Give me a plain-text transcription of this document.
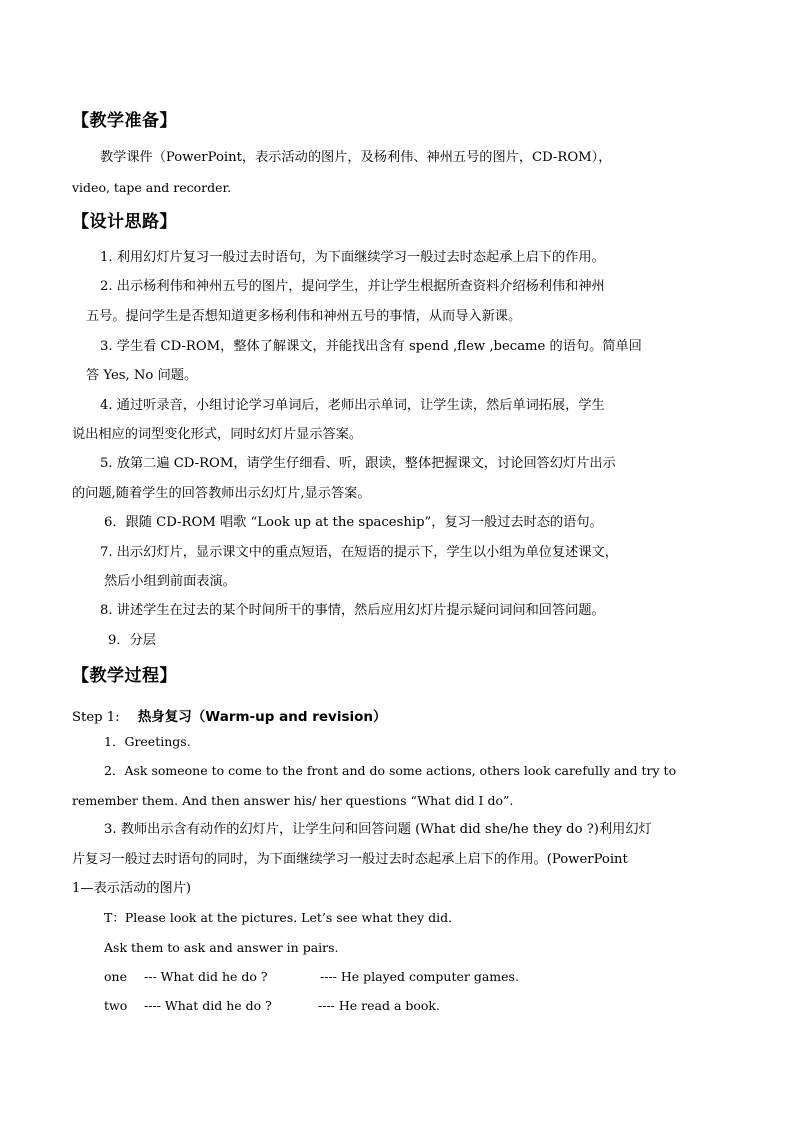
【教学准备】
教学课件（PowerPoint，表示活动的图片，及杨利伟、神州五号的图片，CD-ROM），
video, tape and recorder.
【设计思路】
1. 利用幻灯片复习一般过去时语句，为下面继续学习一般过去时态起承上启下的作用。
2. 出示杨利伟和神州五号的图片，提问学生，并让学生根据所查资料介绍杨利伟和神州
五号。提问学生是否想知道更多杨利伟和神州五号的事情，从而导入新课。
3. 学生看 CD-ROM，整体了解课文，并能找出含有 spend ,flew ,became 的语句。简单回
答 Yes, No 问题。
4. 通过听录音，小组讨论学习单词后，老师出示单词，让学生读，然后单词拓展，学生
说出相应的词型变化形式，同时幻灯片显示答案。
5. 放第二遍 CD-ROM，请学生仔细看、听，跟读，整体把握课文，讨论回答幻灯片出示
的问题,随着学生的回答教师出示幻灯片,显示答案。
6．跟随 CD-ROM 唱歌 “Look up at the spaceship”，复习一般过去时态的语句。
7. 出示幻灯片，显示课文中的重点短语，在短语的提示下，学生以小组为单位复述课文，
然后小组到前面表演。
8. 讲述学生在过去的某个时间所干的事情，然后应用幻灯片提示疑问词问和回答问题。
9．分层
【教学过程】
Step 1: 热身复习（Warm-up and revision）
1．Greetings.
2．Ask someone to come to the front and do some actions, others look carefully and try to
remember them. And then answer his/ her questions “What did I do”.
3. 教师出示含有动作的幻灯片，让学生问和回答问题 (What did she/he they do ?)利用幻灯
片复习一般过去时语句的同时，为下面继续学习一般过去时态起承上启下的作用。(PowerPoint
1—表示活动的图片)
T：Please look at the pictures. Let’s see what they did．
Ask them to ask and answer in pairs.
one --- What did he do ?	---- He played computer games.
two ---- What did he do ?	---- He read a book.
